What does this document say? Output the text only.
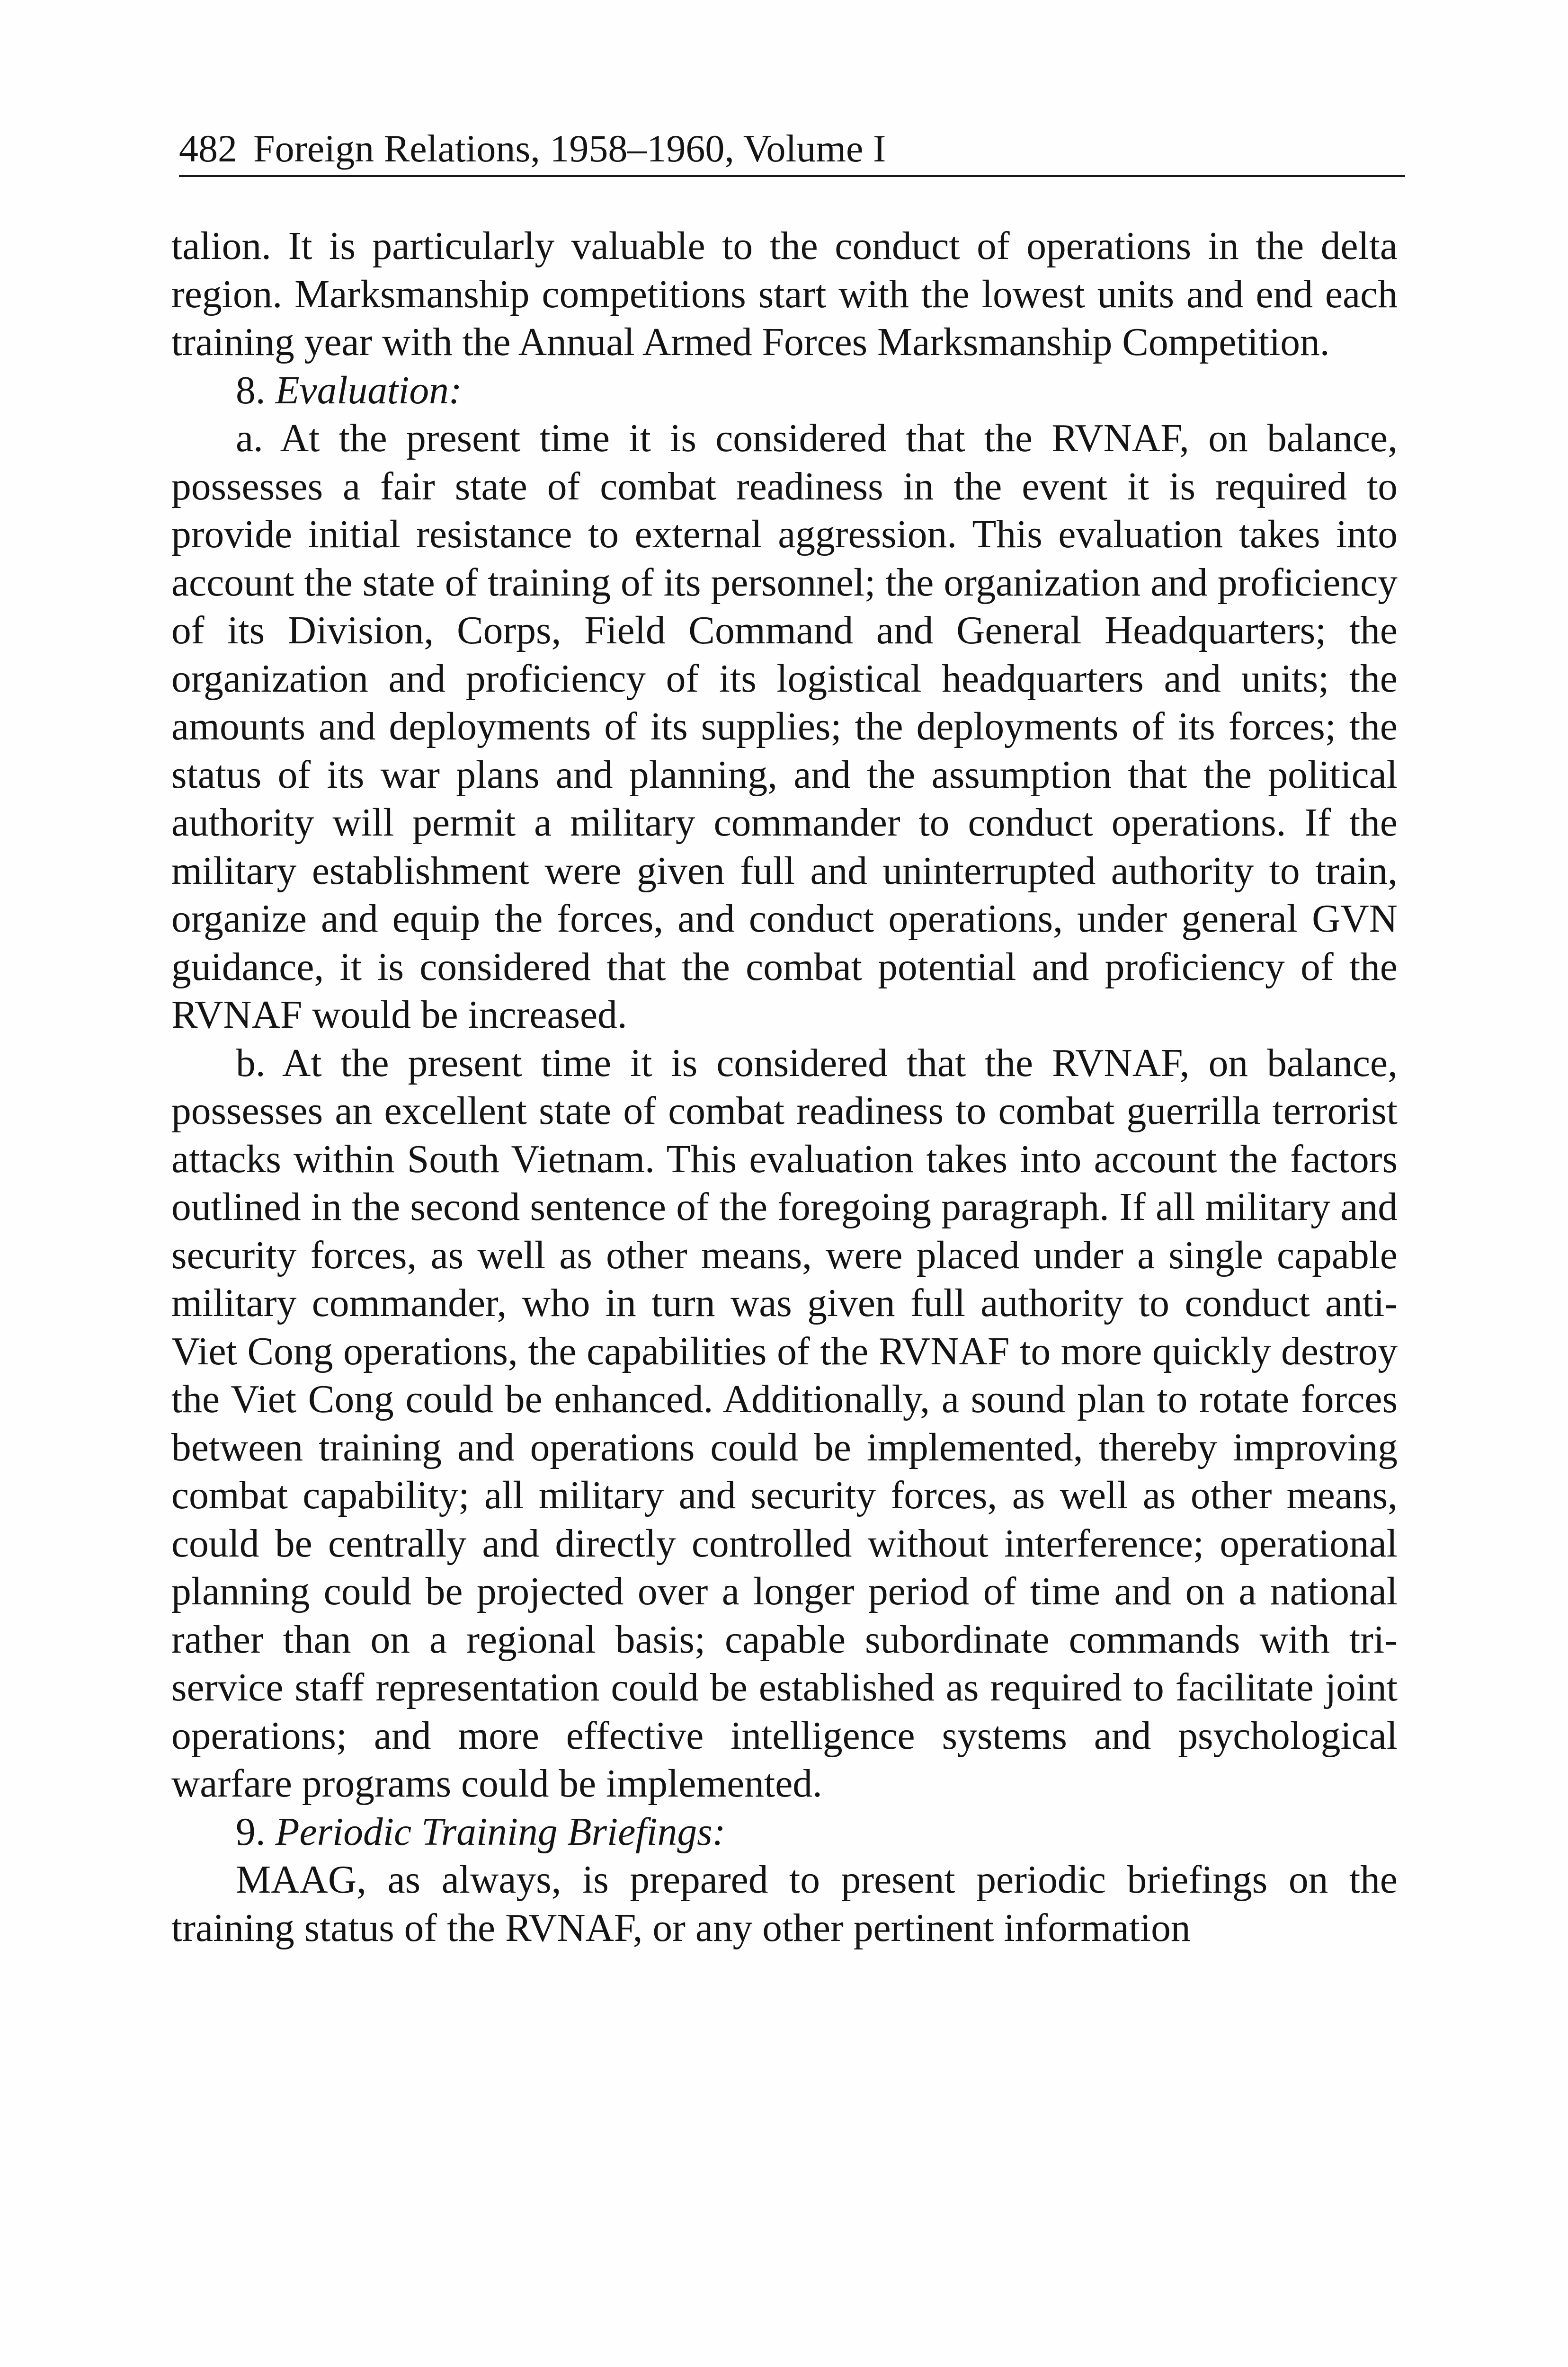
482 Foreign Relations, 1958–1960, Volume I

talion. It is particularly valuable to the conduct of operations in the delta region. Marksmanship competitions start with the lowest units and end each training year with the Annual Armed Forces Marksmanship Competition.

8. Evaluation:

a. At the present time it is considered that the RVNAF, on balance, possesses a fair state of combat readiness in the event it is required to provide initial resistance to external aggression. This evaluation takes into account the state of training of its personnel; the organization and proficiency of its Division, Corps, Field Command and General Headquarters; the organization and proficiency of its logistical headquarters and units; the amounts and deployments of its supplies; the deployments of its forces; the status of its war plans and planning, and the assumption that the political authority will permit a military commander to conduct operations. If the military establishment were given full and uninterrupted authority to train, organize and equip the forces, and conduct operations, under general GVN guidance, it is considered that the combat potential and proficiency of the RVNAF would be increased.

b. At the present time it is considered that the RVNAF, on balance, possesses an excellent state of combat readiness to combat guerrilla terrorist attacks within South Vietnam. This evaluation takes into account the factors outlined in the second sentence of the foregoing paragraph. If all military and security forces, as well as other means, were placed under a single capable military commander, who in turn was given full authority to conduct anti-Viet Cong operations, the capabilities of the RVNAF to more quickly destroy the Viet Cong could be enhanced. Additionally, a sound plan to rotate forces between training and operations could be implemented, thereby improving combat capability; all military and security forces, as well as other means, could be centrally and directly controlled without interference; operational planning could be projected over a longer period of time and on a national rather than on a regional basis; capable subordinate commands with tri-service staff representation could be established as required to facilitate joint operations; and more effective intelligence systems and psychological warfare programs could be implemented.

9. Periodic Training Briefings:

MAAG, as always, is prepared to present periodic briefings on the training status of the RVNAF, or any other pertinent information
